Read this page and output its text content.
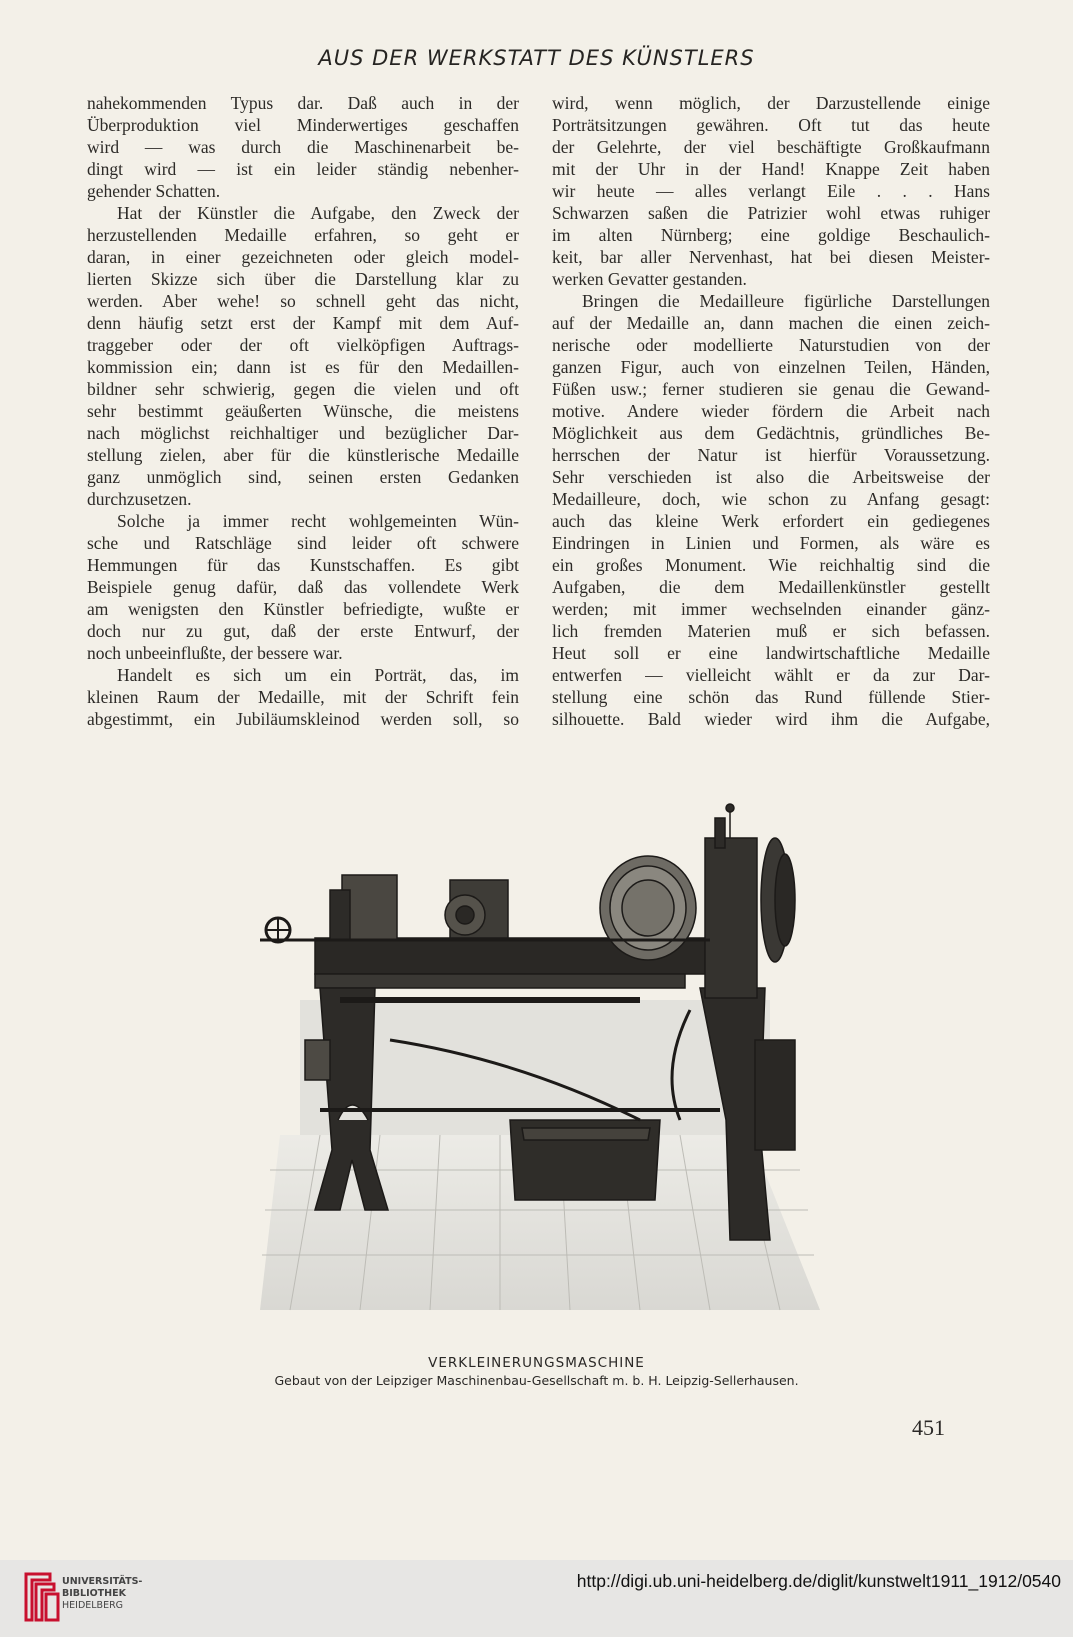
AUS DER WERKSTATT DES KÜNSTLERS
nahekommenden Typus dar. Daß auch in der
Überproduktion viel Minderwertiges geschaffen
wird — was durch die Maschinenarbeit be-
dingt wird — ist ein leider ständig nebenher-
gehender Schatten.
Hat der Künstler die Aufgabe, den Zweck der
herzustellenden Medaille erfahren, so geht er
daran, in einer gezeichneten oder gleich model-
lierten Skizze sich über die Darstellung klar zu
werden. Aber wehe! so schnell geht das nicht,
denn häufig setzt erst der Kampf mit dem Auf-
traggeber oder der oft vielköpfigen Auftrags-
kommission ein; dann ist es für den Medaillen-
bildner sehr schwierig, gegen die vielen und oft
sehr bestimmt geäußerten Wünsche, die meistens
nach möglichst reichhaltiger und bezüglicher Dar-
stellung zielen, aber für die künstlerische Medaille
ganz unmöglich sind, seinen ersten Gedanken
durchzusetzen.
Solche ja immer recht wohlgemeinten Wün-
sche und Ratschläge sind leider oft schwere
Hemmungen für das Kunstschaffen. Es gibt
Beispiele genug dafür, daß das vollendete Werk
am wenigsten den Künstler befriedigte, wußte er
doch nur zu gut, daß der erste Entwurf, der
noch unbeeinflußte, der bessere war.
Handelt es sich um ein Porträt, das, im
kleinen Raum der Medaille, mit der Schrift fein
abgestimmt, ein Jubiläumskleinod werden soll, so
wird, wenn möglich, der Darzustellende einige
Porträtsitzungen gewähren. Oft tut das heute
der Gelehrte, der viel beschäftigte Großkaufmann
mit der Uhr in der Hand! Knappe Zeit haben
wir heute — alles verlangt Eile . . . Hans
Schwarzen saßen die Patrizier wohl etwas ruhiger
im alten Nürnberg; eine goldige Beschaulich-
keit, bar aller Nervenhast, hat bei diesen Meister-
werken Gevatter gestanden.
Bringen die Medailleure figürliche Darstellungen
auf der Medaille an, dann machen die einen zeich-
nerische oder modellierte Naturstudien von der
ganzen Figur, auch von einzelnen Teilen, Händen,
Füßen usw.; ferner studieren sie genau die Gewand-
motive. Andere wieder fördern die Arbeit nach
Möglichkeit aus dem Gedächtnis, gründliches Be-
herrschen der Natur ist hierfür Voraussetzung.
Sehr verschieden ist also die Arbeitsweise der
Medailleure, doch, wie schon zu Anfang gesagt:
auch das kleine Werk erfordert ein gediegenes
Eindringen in Linien und Formen, als wäre es
ein großes Monument. Wie reichhaltig sind die
Aufgaben, die dem Medaillenkünstler gestellt
werden; mit immer wechselnden einander gänz-
lich fremden Materien muß er sich befassen.
Heut soll er eine landwirtschaftliche Medaille
entwerfen — vielleicht wählt er da zur Dar-
stellung eine schön das Rund füllende Stier-
silhouette. Bald wieder wird ihm die Aufgabe,
VERKLEINERUNGSMASCHINE
Gebaut von der Leipziger Maschinenbau-Gesellschaft m. b. H. Leipzig-Sellerhausen.
451
UNIVERSITÄTS-
BIBLIOTHEK
HEIDELBERG
http://digi.ub.uni-heidelberg.de/diglit/kunstwelt1911_1912/0540
